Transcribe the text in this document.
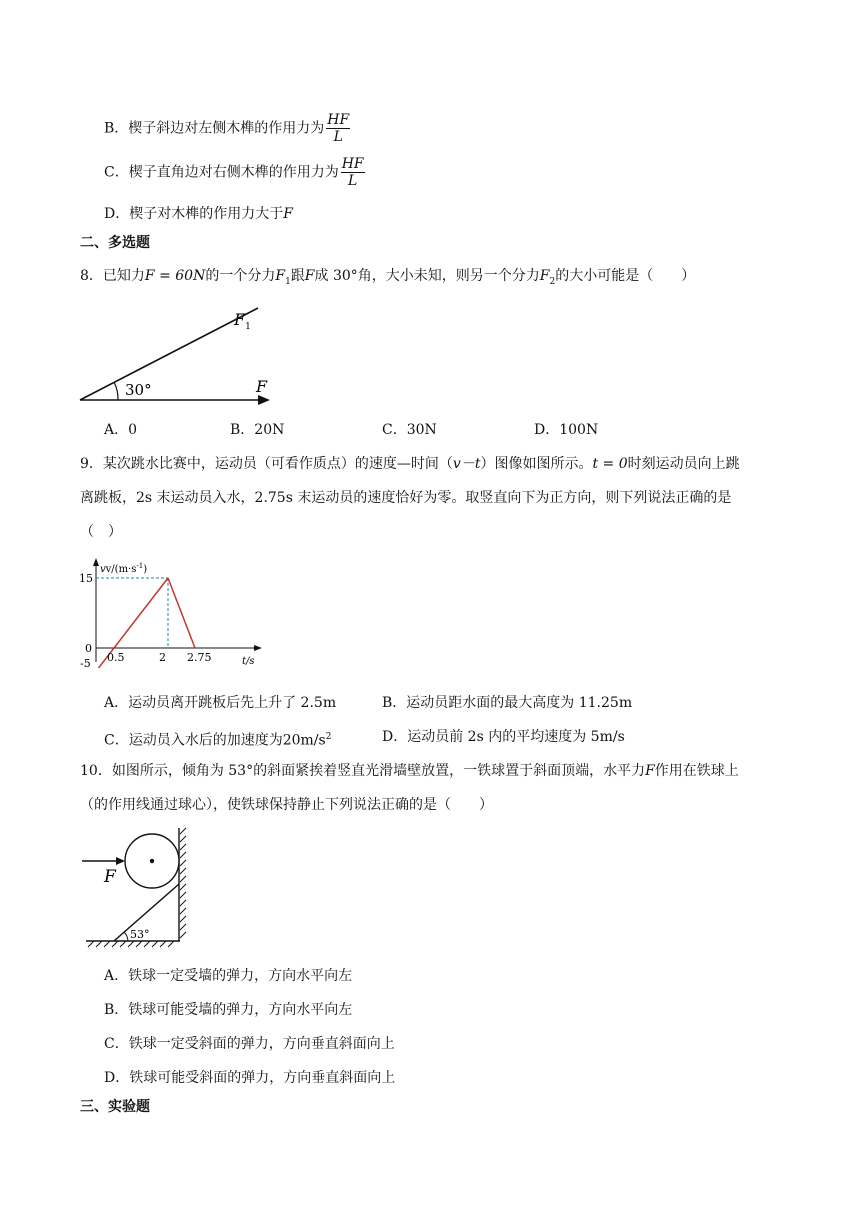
B．楔子斜边对左侧木榫的作用力为 $\frac{HF}{L}$
C．楔子直角边对右侧木榫的作用力为 $\frac{HF}{L}$
D．楔子对木榫的作用力大于F
二、多选题
8．已知力F = 60N的一个分力$F_1$跟F成 30°角，大小未知，则另一个分力$F_2$的大小可能是（　　）
30°
$F_1$
F
A．0	B．20N	C．30N	D．100N
9．某次跳水比赛中，运动员（可看作质点）的速度—时间（v－t）图像如图所示。t = 0时刻运动员向上跳
离跳板，2s 末运动员入水，2.75s 末运动员的速度恰好为零。取竖直向下为正方向，则下列说法正确的是
（　）
$vv/(m\cdot s^{-1})$
t/s
15
0
-5 0.5	2 2.75
A．运动员离开跳板后先上升了 2.5m	B．运动员距水面的最大高度为 11.25m
C．运动员入水后的加速度为$20m/s^2$	D．运动员前 2s 内的平均速度为 5m/s
10．如图所示，倾角为 53°的斜面紧挨着竖直光滑墙壁放置，一铁球置于斜面顶端，水平力F作用在铁球上
（的作用线通过球心），使铁球保持静止下列说法正确的是（　　）
53°
F
A．铁球一定受墙的弹力，方向水平向左
B．铁球可能受墙的弹力，方向水平向左
C．铁球一定受斜面的弹力，方向垂直斜面向上
D．铁球可能受斜面的弹力，方向垂直斜面向上
三、实验题
